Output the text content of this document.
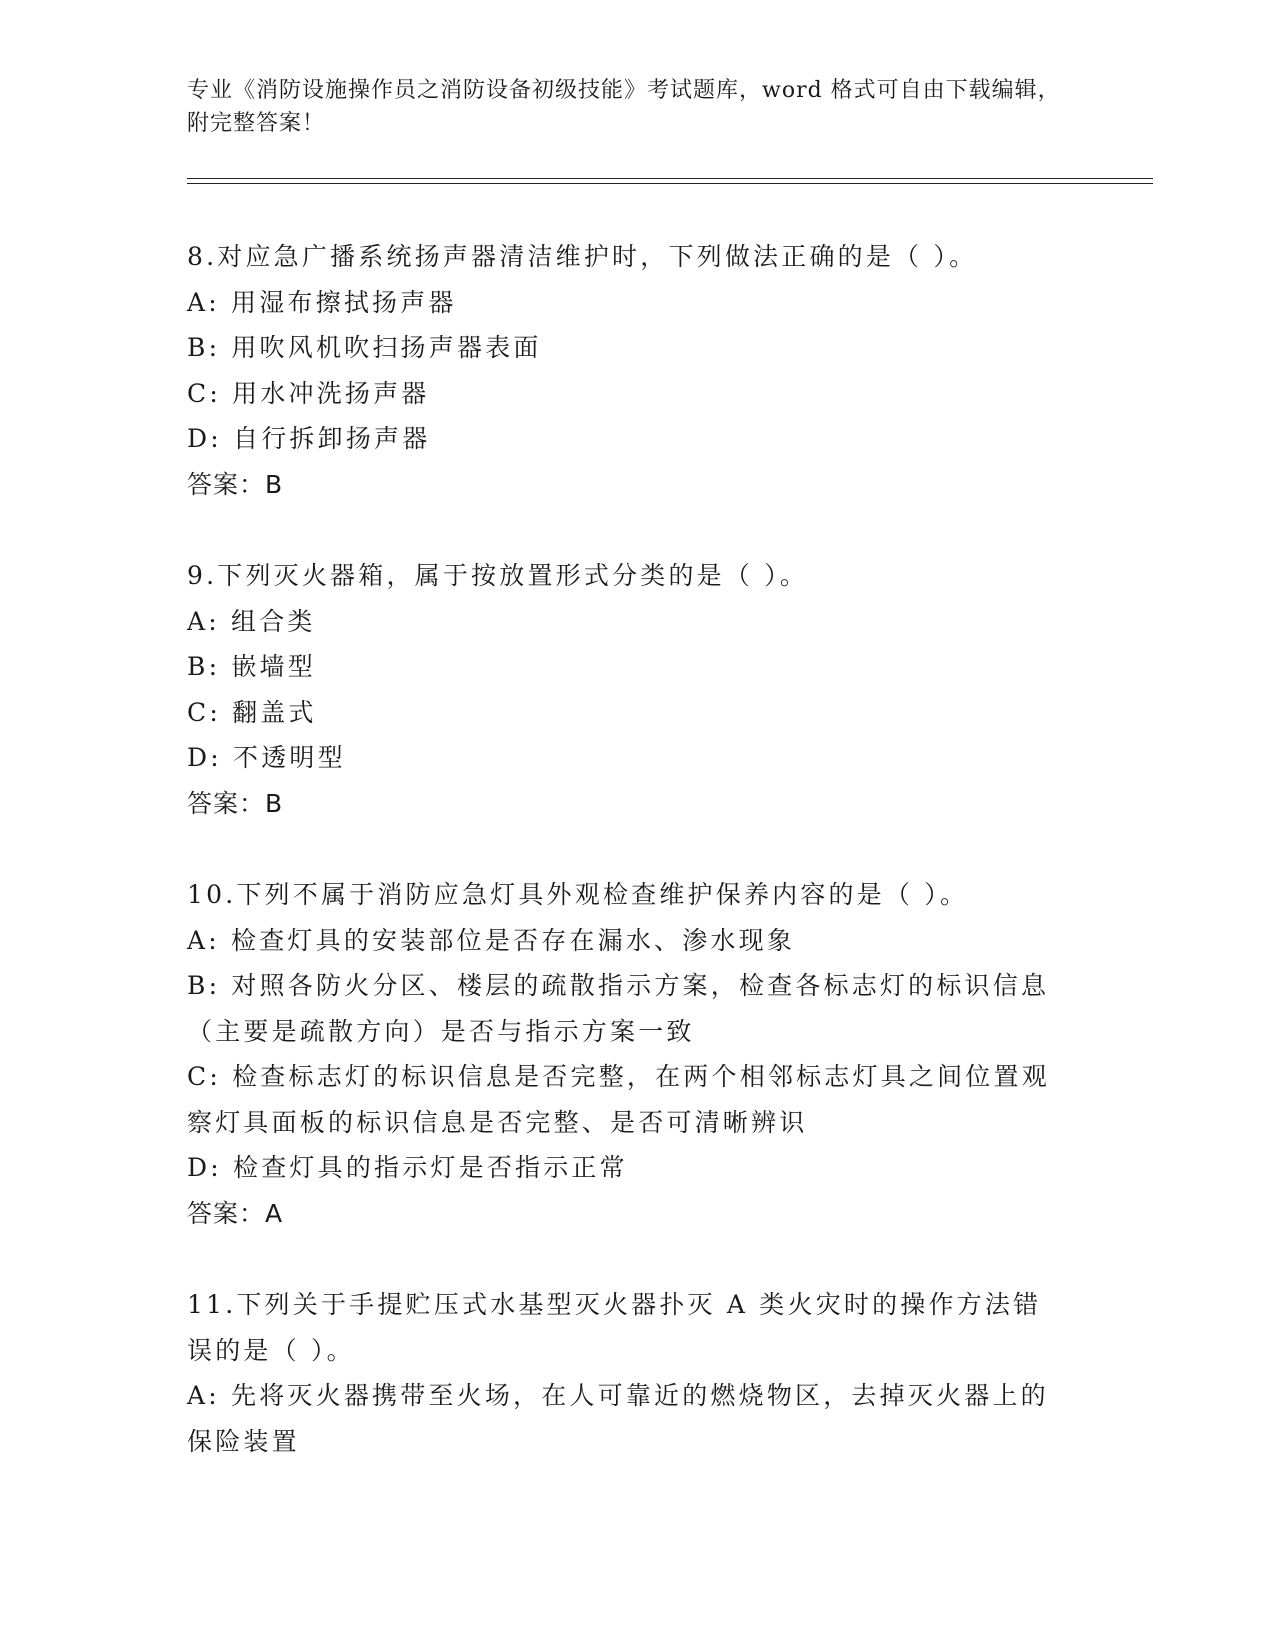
专业《消防设施操作员之消防设备初级技能》考试题库，word 格式可自由下载编辑，附完整答案！
8.对应急广播系统扬声器清洁维护时，下列做法正确的是（ ）。
A: 用湿布擦拭扬声器
B: 用吹风机吹扫扬声器表面
C: 用水冲洗扬声器
D: 自行拆卸扬声器
答案：B
9.下列灭火器箱，属于按放置形式分类的是（ ）。
A: 组合类
B: 嵌墙型
C: 翻盖式
D: 不透明型
答案：B
10.下列不属于消防应急灯具外观检查维护保养内容的是（ ）。
A: 检查灯具的安装部位是否存在漏水、渗水现象
B: 对照各防火分区、楼层的疏散指示方案，检查各标志灯的标识信息（主要是疏散方向）是否与指示方案一致
C: 检查标志灯的标识信息是否完整，在两个相邻标志灯具之间位置观察灯具面板的标识信息是否完整、是否可清晰辨识
D: 检查灯具的指示灯是否指示正常
答案：A
11.下列关于手提贮压式水基型灭火器扑灭 A 类火灾时的操作方法错误的是（ ）。
A: 先将灭火器携带至火场，在人可靠近的燃烧物区，去掉灭火器上的保险装置
